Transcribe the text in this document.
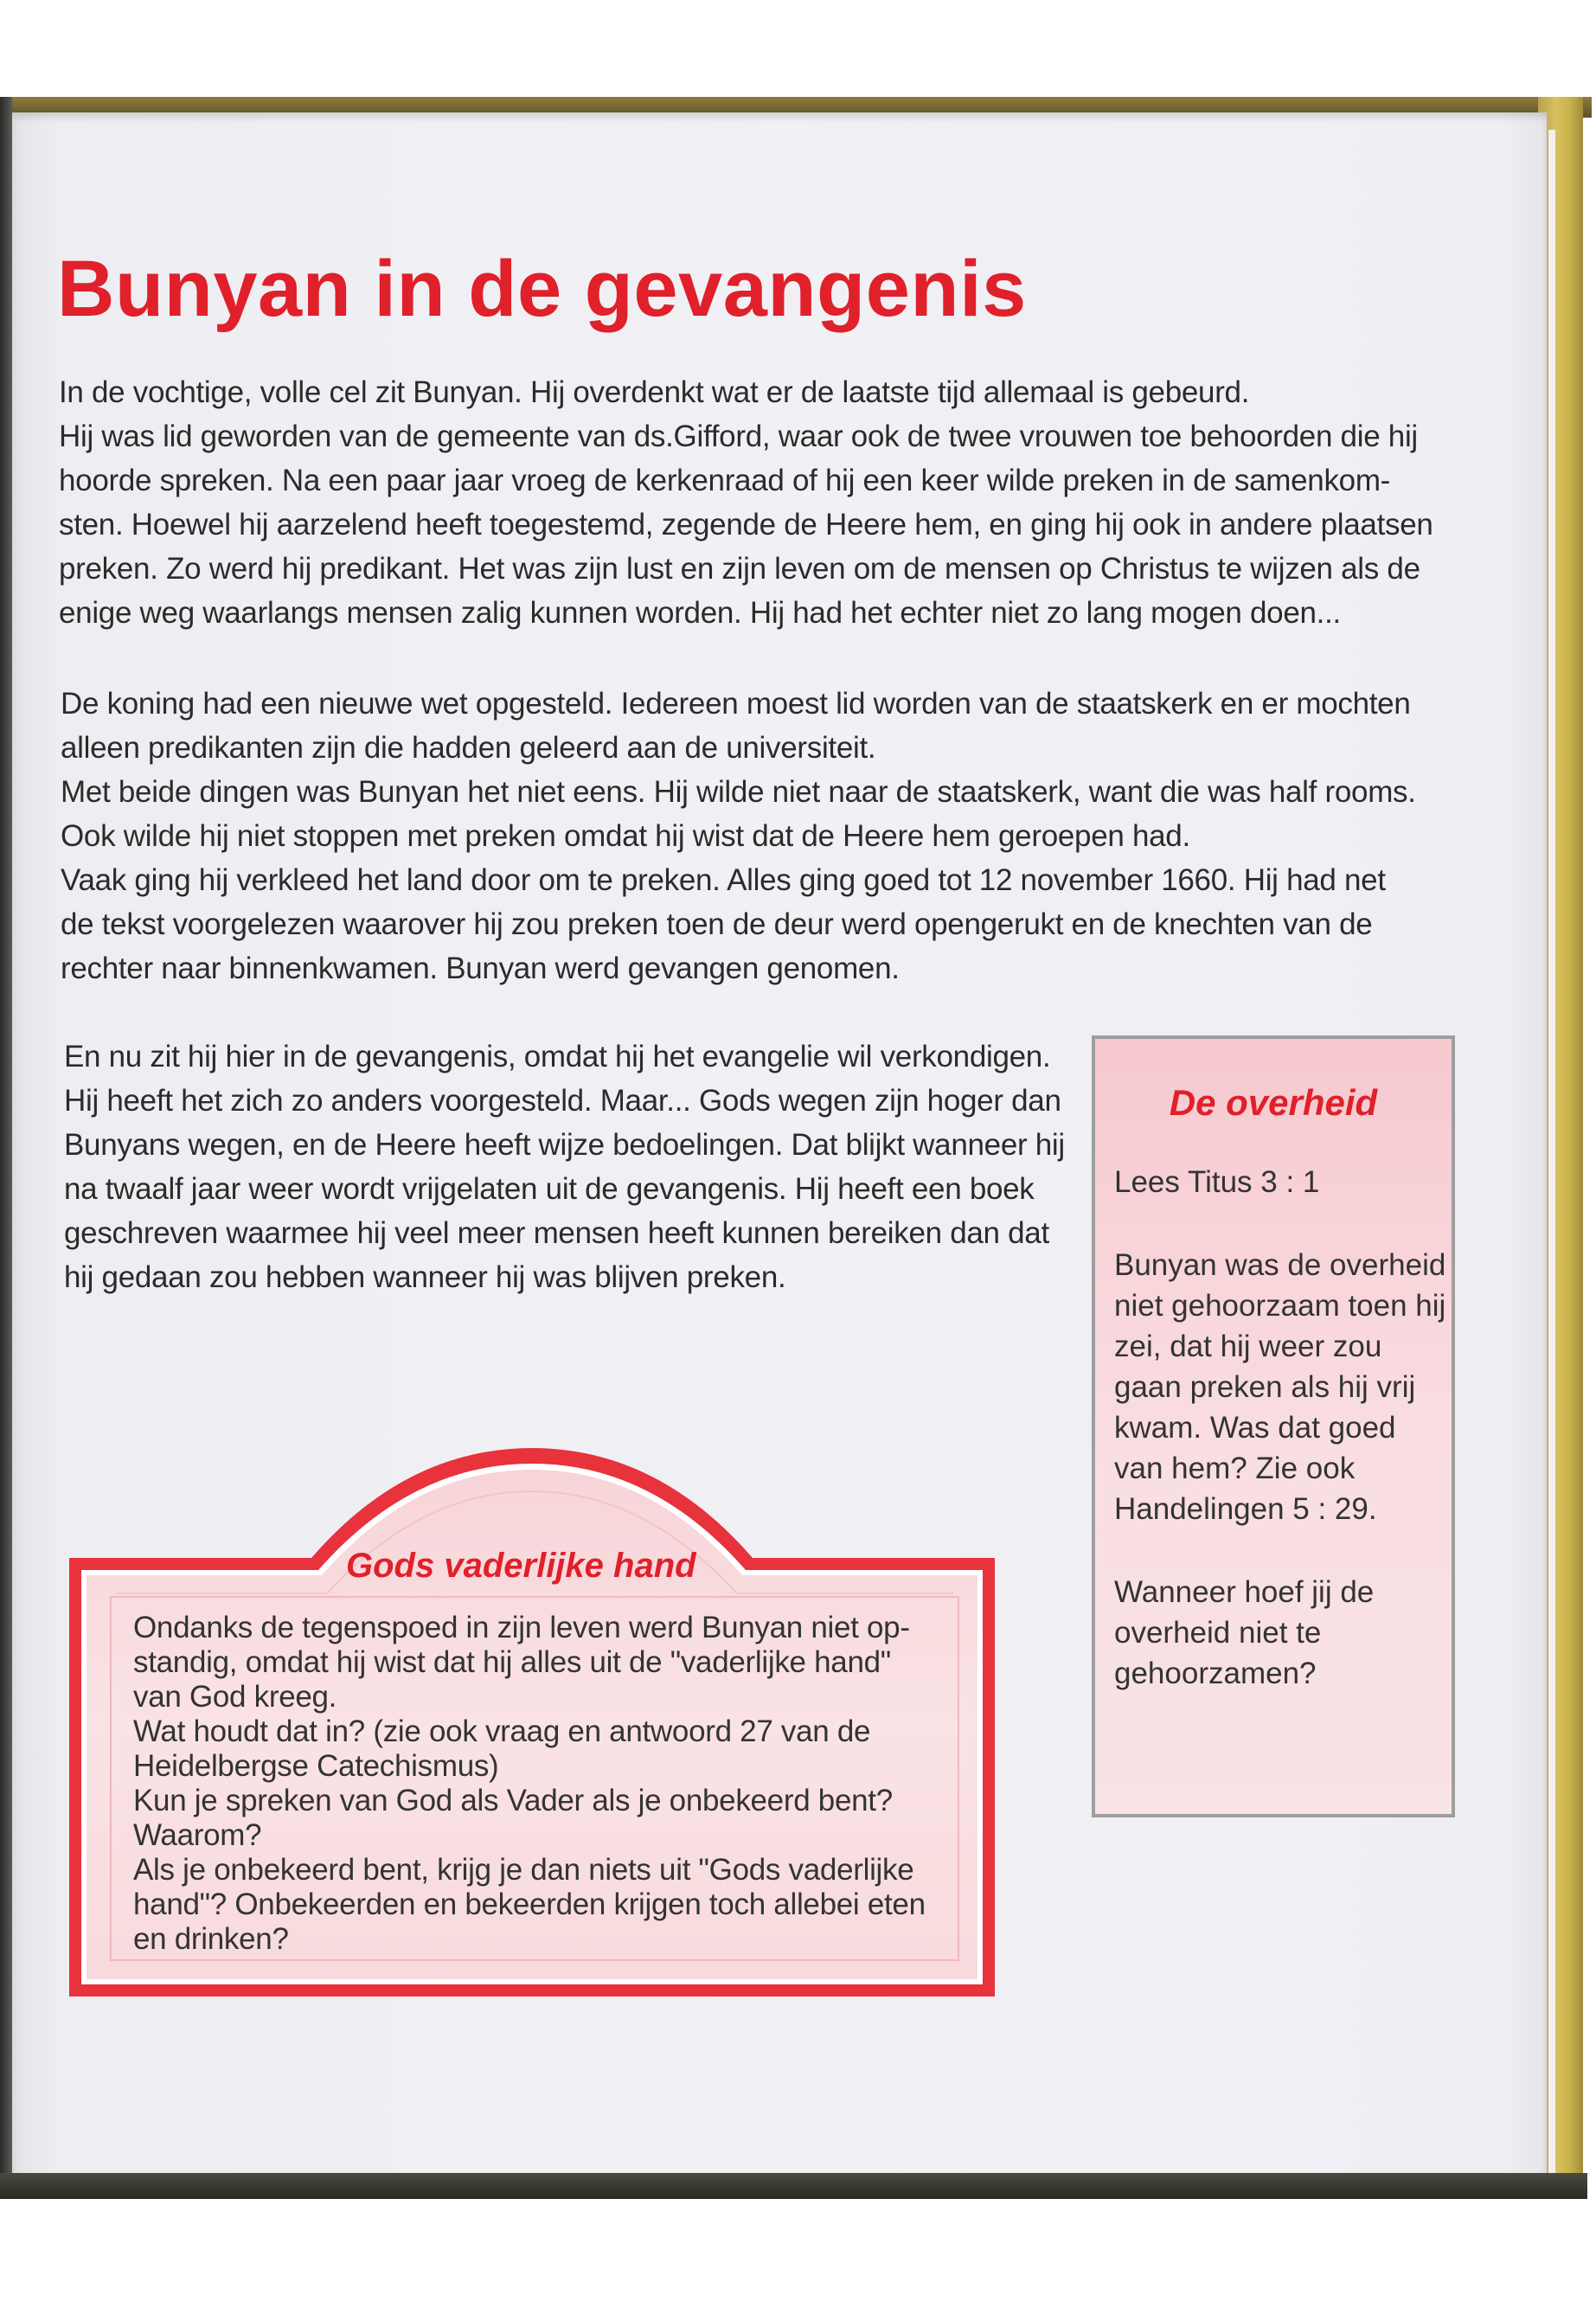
Bunyan in de gevangenis

In de vochtige, volle cel zit Bunyan. Hij overdenkt wat er de laatste tijd allemaal is gebeurd.
Hij was lid geworden van de gemeente van ds.Gifford, waar ook de twee vrouwen toe behoorden die hij
hoorde spreken. Na een paar jaar vroeg de kerkenraad of hij een keer wilde preken in de samenkom-
sten. Hoewel hij aarzelend heeft toegestemd, zegende de Heere hem, en ging hij ook in andere plaatsen
preken. Zo werd hij predikant. Het was zijn lust en zijn leven om de mensen op Christus te wijzen als de
enige weg waarlangs mensen zalig kunnen worden. Hij had het echter niet zo lang mogen doen...

De koning had een nieuwe wet opgesteld. Iedereen moest lid worden van de staatskerk en er mochten
alleen predikanten zijn die hadden geleerd aan de universiteit.
Met beide dingen was Bunyan het niet eens. Hij wilde niet naar de staatskerk, want die was half rooms.
Ook wilde hij niet stoppen met preken omdat hij wist dat de Heere hem geroepen had.
Vaak ging hij verkleed het land door om te preken. Alles ging goed tot 12 november 1660. Hij had net
de tekst voorgelezen waarover hij zou preken toen de deur werd opengerukt en de knechten van de
rechter naar binnenkwamen. Bunyan werd gevangen genomen.

En nu zit hij hier in de gevangenis, omdat hij het evangelie wil verkondigen.
Hij heeft het zich zo anders voorgesteld. Maar... Gods wegen zijn hoger dan
Bunyans wegen, en de Heere heeft wijze bedoelingen. Dat blijkt wanneer hij
na twaalf jaar weer wordt vrijgelaten uit de gevangenis. Hij heeft een boek
geschreven waarmee hij veel meer mensen heeft kunnen bereiken dan dat
hij gedaan zou hebben wanneer hij was blijven preken.

De overheid

Lees Titus 3 : 1

Bunyan was de overheid
niet gehoorzaam toen hij
zei, dat hij weer zou
gaan preken als hij vrij
kwam. Was dat goed
van hem? Zie ook
Handelingen 5 : 29.

Wanneer hoef jij de
overheid niet te
gehoorzamen?

Gods vaderlijke hand

Ondanks de tegenspoed in zijn leven werd Bunyan niet op-
standig, omdat hij wist dat hij alles uit de "vaderlijke hand"
van God kreeg.
Wat houdt dat in? (zie ook vraag en antwoord 27 van de
Heidelbergse Catechismus)
Kun je spreken van God als Vader als je onbekeerd bent?
Waarom?
Als je onbekeerd bent, krijg je dan niets uit "Gods vaderlijke
hand"? Onbekeerden en bekeerden krijgen toch allebei eten
en drinken?
